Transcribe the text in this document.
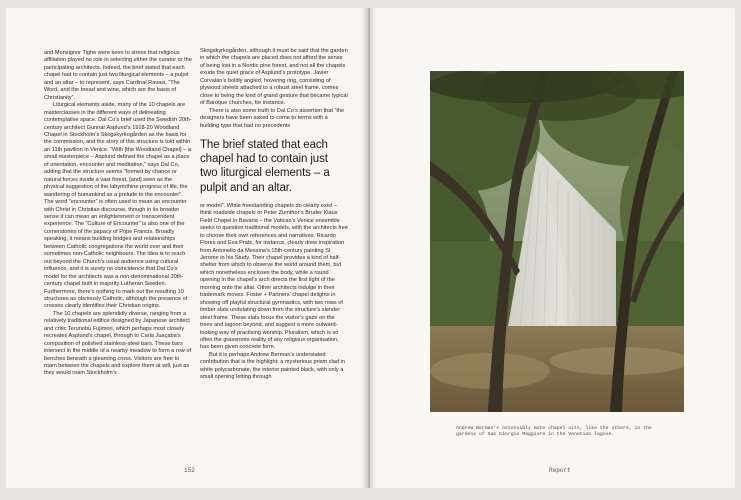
and Monsignor Tighe were keen to stress that religious affiliation played no role in selecting either the curator or the participating architects. Indeed, the brief stated that each chapel had to contain just two liturgical elements – a pulpit and an altar – to represent, says Cardinal Ravasi, “The Word, and the bread and wine, which are the basis of Christianity”.

Liturgical elements aside, many of the 10 chapels are masterclasses in the different ways of delineating contemplative space. Dal Co’s brief used the Swedish 20th-century architect Gunnar Asplund’s 1918-20 Woodland Chapel in Stockholm’s Skogskyrkogården as the basis for the commission, and the story of this structure is told within an 11th pavilion in Venice. “With [the Woodland Chapel] – a small masterpiece – Asplund defined the chapel as a place of orientation, encounter and meditation,” says Dal Co, adding that the structure seems “formed by chance or natural forces inside a vast forest, [and] seen as the physical suggestion of the labyrinthine progress of life, the wandering of humankind as a prelude to the encounter”. The word “encounter” is often used to mean an encounter with Christ in Christian discourse, though in its broader sense it can mean an enlightenment or transcendent experience. The “Culture of Encounter” is also one of the cornerstones of the papacy of Pope Francis. Broadly speaking, it means building bridges and relationships between Catholic congregations the world over and their sometimes non-Catholic neighbours. The idea is to reach out beyond the Church’s usual audience using cultural influence, and it is surely no coincidence that Dal Co’s model for the architects was a non-denominational 20th-century chapel built in majority Lutheran Sweden. Furthermore, there’s nothing to mark out the resulting 10 structures as obviously Catholic, although the presence of crosses clearly identifies their Christian origins.

The 10 chapels are splendidly diverse, ranging from a relatively traditional edifice designed by Japanese architect and critic Terunobu Fujimori, which perhaps most closely recreates Asplund’s chapel, through to Carla Juaçaba’s composition of polished stainless-steel bars. These bars intersect in the middle of a nearby meadow to form a row of benches beneath a gleaming cross. Visitors are free to roam between the chapels and explore them at will, just as they would roam Stockholm’s

Skogskyrkogården, although it must be said that the garden in which the chapels are placed does not afford the sense of being lost in a Nordic pine forest, and not all the chapels exude the quiet grace of Asplund’s prototype. Javier Corvalán’s boldly angled, hovering ring, consisting of plywood sheets attached to a robust steel frame, comes close to being the kind of grand gesture that became typical of Baroque churches, for instance.

There is also some truth to Dal Co’s assertion that “the designers have been asked to come to terms with a building type that had no precedents

The brief stated that each chapel had to contain just two liturgical elements – a pulpit and an altar.

or model”. While freestanding chapels do clearly exist – think roadside chapels or Peter Zumthor’s Bruder Klaus Field Chapel in Bavaria – the Vatican’s Venice ensemble seeks to question traditional models, with the architects free to choose their own references and narratives. Ricardo Flores and Eva Prats, for instance, clearly drew inspiration from Antonello da Messina’s 15th-century painting St Jerome in his Study. Their chapel provides a kind of half-shelter from which to observe the world around them, but which nonetheless encloses the body, while a round opening in the chapel’s arch directs the first light of the morning onto the altar. Other architects indulge in their trademark moves. Foster + Partners’ chapel delights in showing off playful structural gymnastics, with two rows of timber slats undulating down from the structure’s slender steel frame. These slats focus the visitor’s gaze on the trees and lagoon beyond, and suggest a more outward-looking way of practising worship. Pluralism, which is so often the grassroots reality of any religious organisation, has been given concrete form.

But it is perhaps Andrew Berman’s understated contribution that is the highlight: a mysterious prism clad in white polycarbonate, the interior painted black, with only a small opening letting through

152
Andrew Berman’s ostensibly mute chapel sits, like the others, in the gardens of San Giorgio Maggiore in the Venetian lagoon.
Report
